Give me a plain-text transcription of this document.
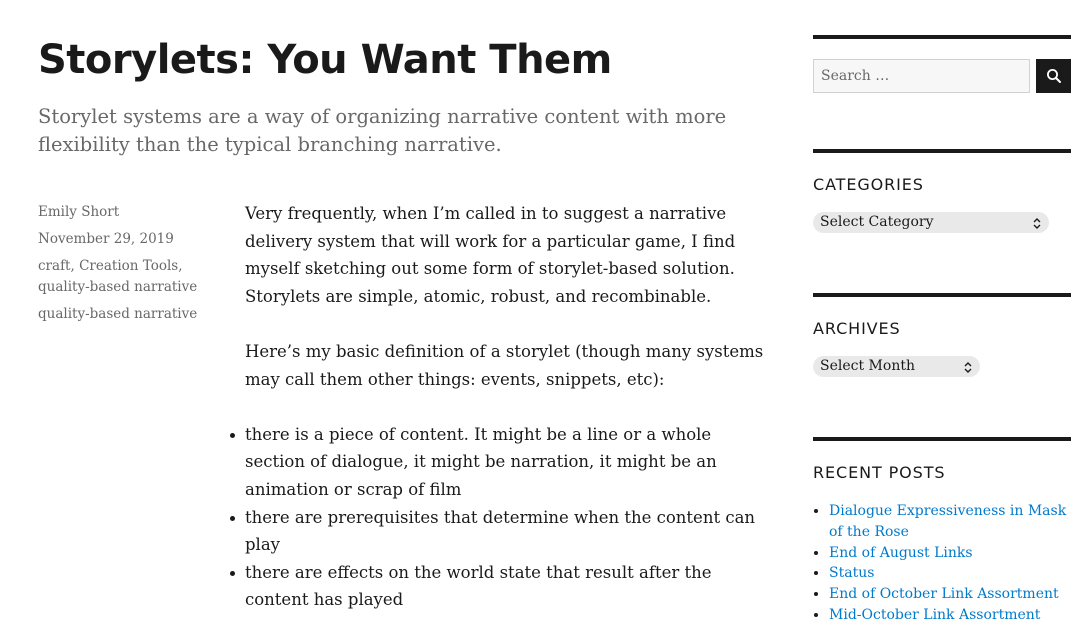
Storylets: You Want Them

Storylet systems are a way of organizing narrative content with more flexibility than the typical branching narrative.

Emily Short
November 29, 2019
craft, Creation Tools, quality-based narrative
quality-based narrative

Very frequently, when I’m called in to suggest a narrative delivery system that will work for a particular game, I find myself sketching out some form of storylet-based solution. Storylets are simple, atomic, robust, and recombinable.

Here’s my basic definition of a storylet (though many systems may call them other things: events, snippets, etc):

there is a piece of content. It might be a line or a whole section of dialogue, it might be narration, it might be an animation or scrap of film
there are prerequisites that determine when the content can play
there are effects on the world state that result after the content has played
Search …
CATEGORIES
Select Category
ARCHIVES
Select Month
RECENT POSTS
Dialogue Expressiveness in Mask of the Rose
End of August Links
Status
End of October Link Assortment
Mid-October Link Assortment
